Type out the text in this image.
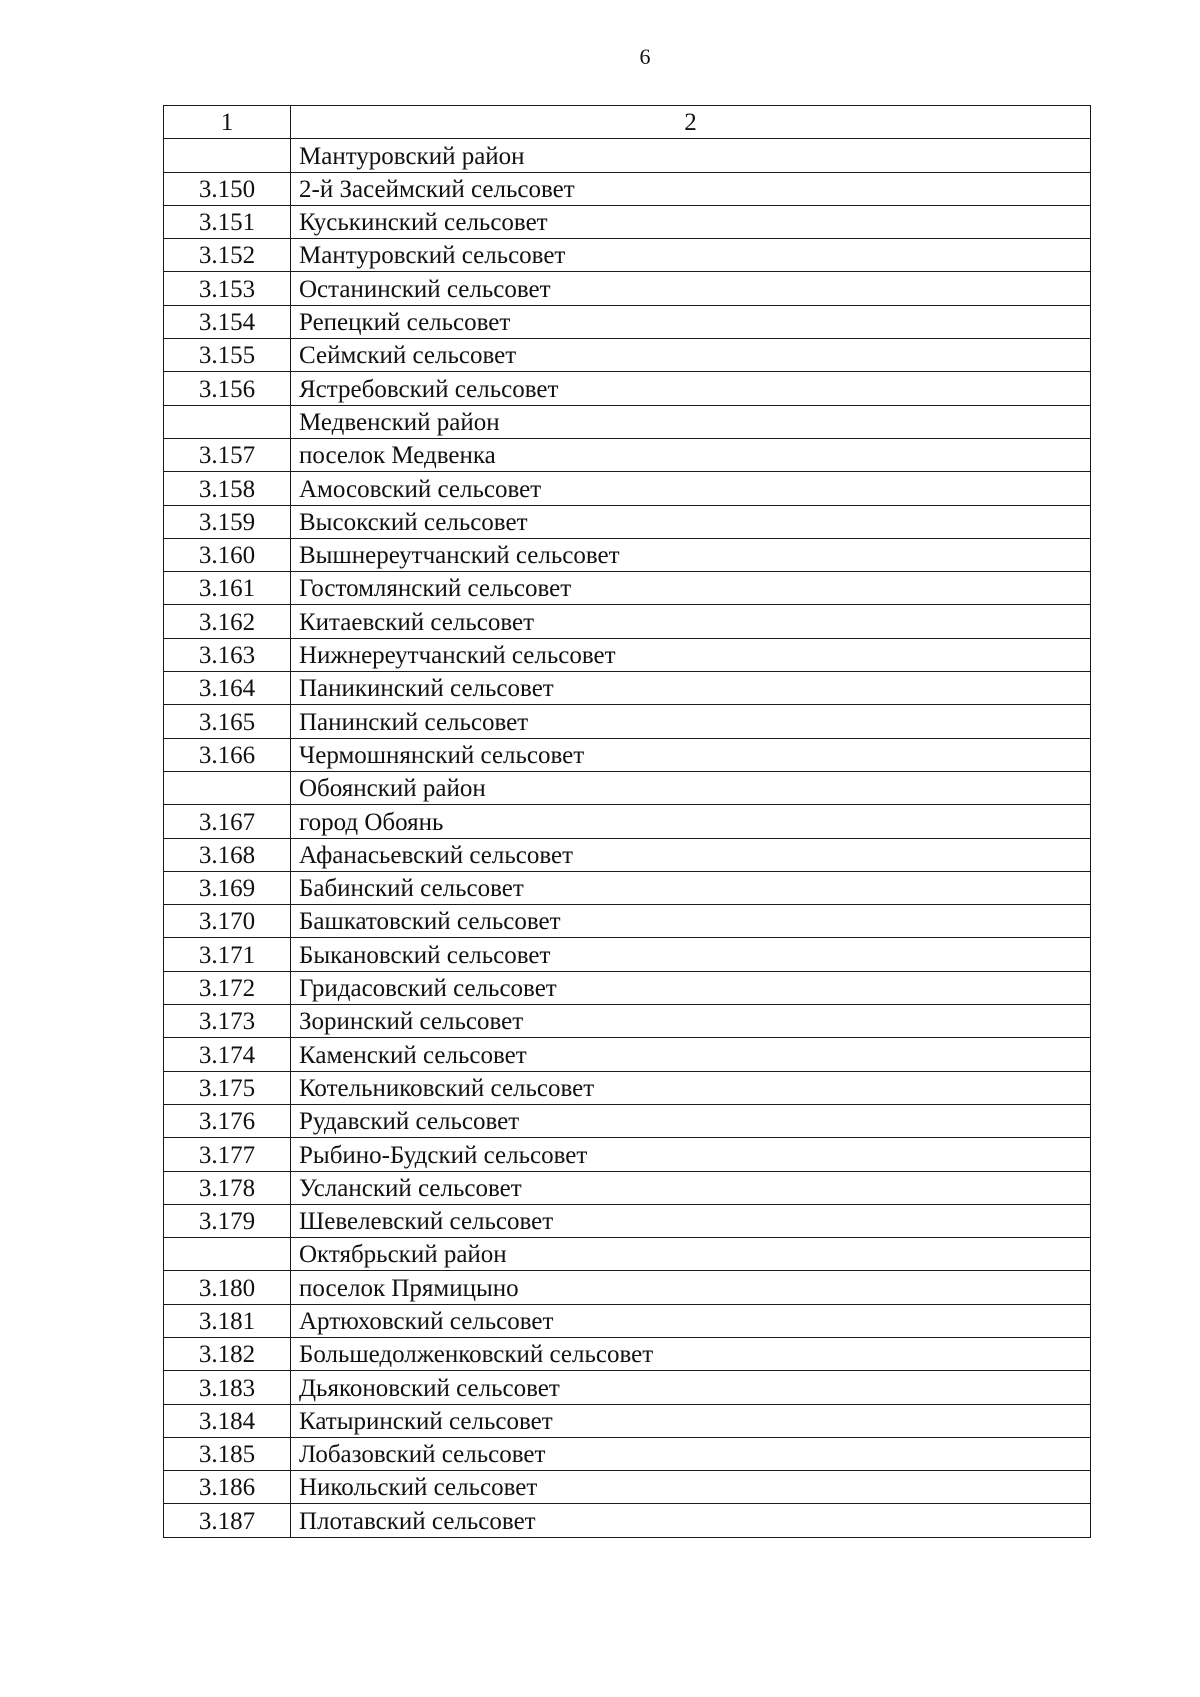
6
1	2
	Мантуровский район
3.150	2-й Засеймский сельсовет
3.151	Куськинский сельсовет
3.152	Мантуровский сельсовет
3.153	Останинский сельсовет
3.154	Репецкий сельсовет
3.155	Сеймский сельсовет
3.156	Ястребовский сельсовет
	Медвенский район
3.157	поселок Медвенка
3.158	Амосовский сельсовет
3.159	Высокский сельсовет
3.160	Вышнереутчанский сельсовет
3.161	Гостомлянский сельсовет
3.162	Китаевский сельсовет
3.163	Нижнереутчанский сельсовет
3.164	Паникинский сельсовет
3.165	Панинский сельсовет
3.166	Чермошнянский сельсовет
	Обоянский район
3.167	город Обоянь
3.168	Афанасьевский сельсовет
3.169	Бабинский сельсовет
3.170	Башкатовский сельсовет
3.171	Быкановский сельсовет
3.172	Гридасовский сельсовет
3.173	Зоринский сельсовет
3.174	Каменский сельсовет
3.175	Котельниковский сельсовет
3.176	Рудавский сельсовет
3.177	Рыбино-Будский сельсовет
3.178	Усланский сельсовет
3.179	Шевелевский сельсовет
	Октябрьский район
3.180	поселок Прямицыно
3.181	Артюховский сельсовет
3.182	Большедолженковский сельсовет
3.183	Дьяконовский сельсовет
3.184	Катыринский сельсовет
3.185	Лобазовский сельсовет
3.186	Никольский сельсовет
3.187	Плотавский сельсовет
